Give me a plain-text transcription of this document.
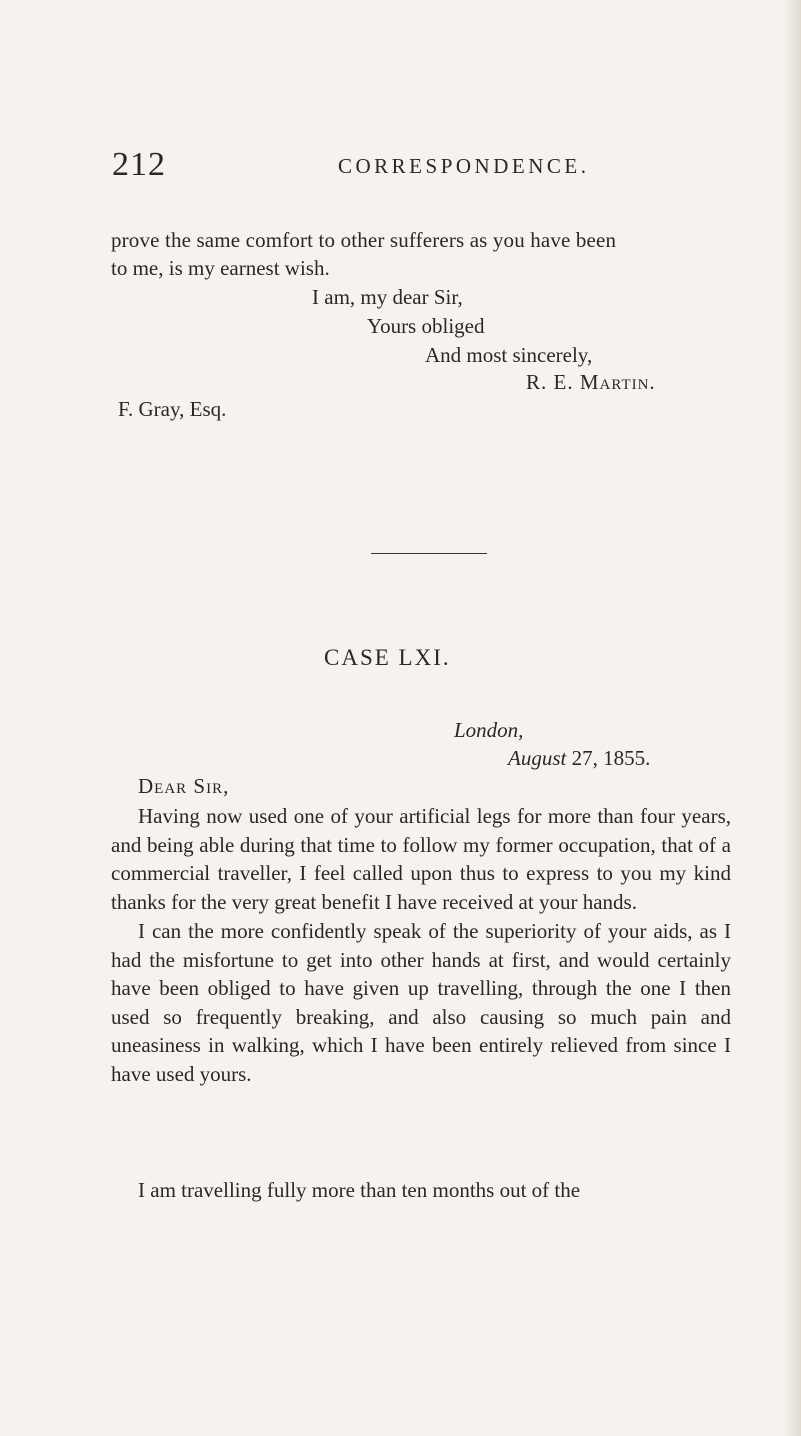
212	CORRESPONDENCE.
prove the same comfort to other sufferers as you have been
to me, is my earnest wish.
I am, my dear Sir,
Yours obliged
And most sincerely,
R. E. Martin.
F. Gray, Esq.
CASE LXI.
London,
August 27, 1855.
Dear Sir,
Having now used one of your artificial legs for more than four years, and being able during that time to follow my former occupation, that of a commercial traveller, I feel called upon thus to express to you my kind thanks for the very great benefit I have received at your hands.
I can the more confidently speak of the superiority of your aids, as I had the misfortune to get into other hands at first, and would certainly have been obliged to have given up travelling, through the one I then used so frequently breaking, and also causing so much pain and uneasiness in walking, which I have been entirely relieved from since I have used yours.
I am travelling fully more than ten months out of the
